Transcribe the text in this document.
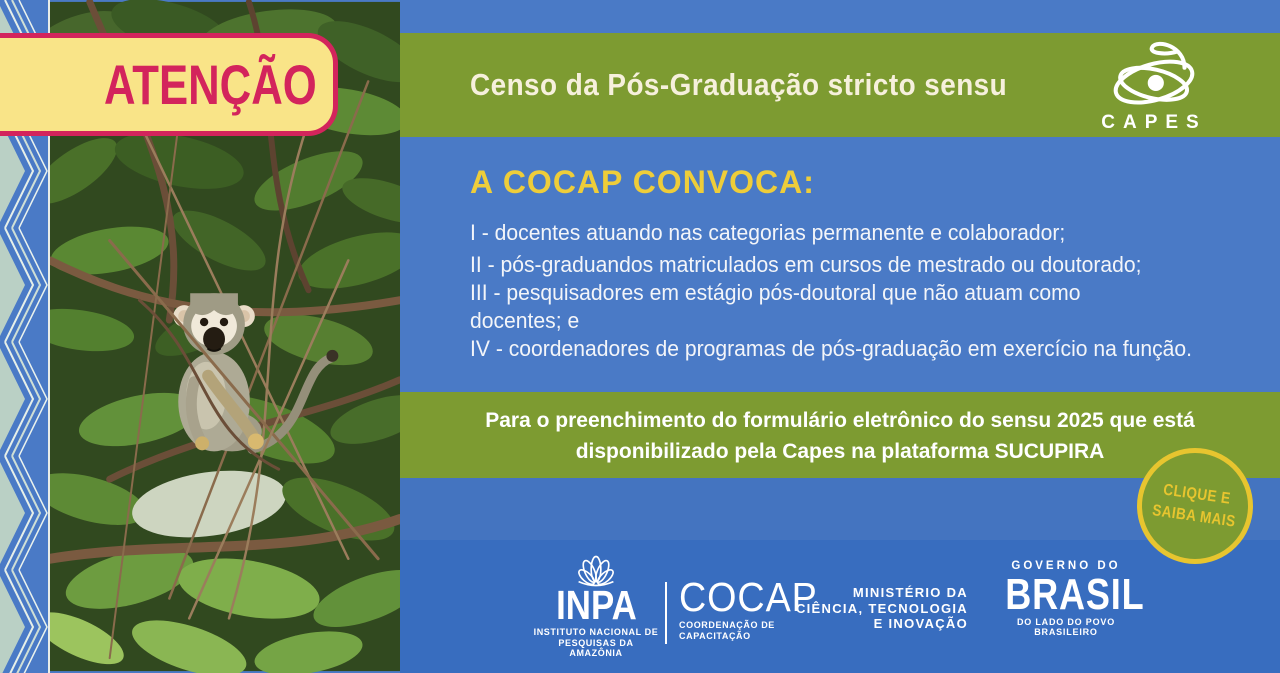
ATENÇÃO	Censo da Pós-Graduação stricto sensu
CAPES
A COCAP CONVOCA:
I - docentes atuando nas categorias permanente e colaborador;
II - pós-graduandos matriculados em cursos de mestrado ou doutorado;
III - pesquisadores em estágio pós-doutoral que não atuam como
docentes; e
IV - coordenadores de programas de pós-graduação em exercício na função.
Para o preenchimento do formulário eletrônico do sensu 2025 que está
disponibilizado pela Capes na plataforma SUCUPIRA
CLIQUE E
SAIBA MAIS
INPA
INSTITUTO NACIONAL DE
PESQUISAS DA AMAZÔNIA
COCAP
COORDENAÇÃO DE
CAPACITAÇÃO
MINISTÉRIO DA
CIÊNCIA, TECNOLOGIA
E INOVAÇÃO
GOVERNO DO
BRASIL
DO LADO DO POVO BRASILEIRO
